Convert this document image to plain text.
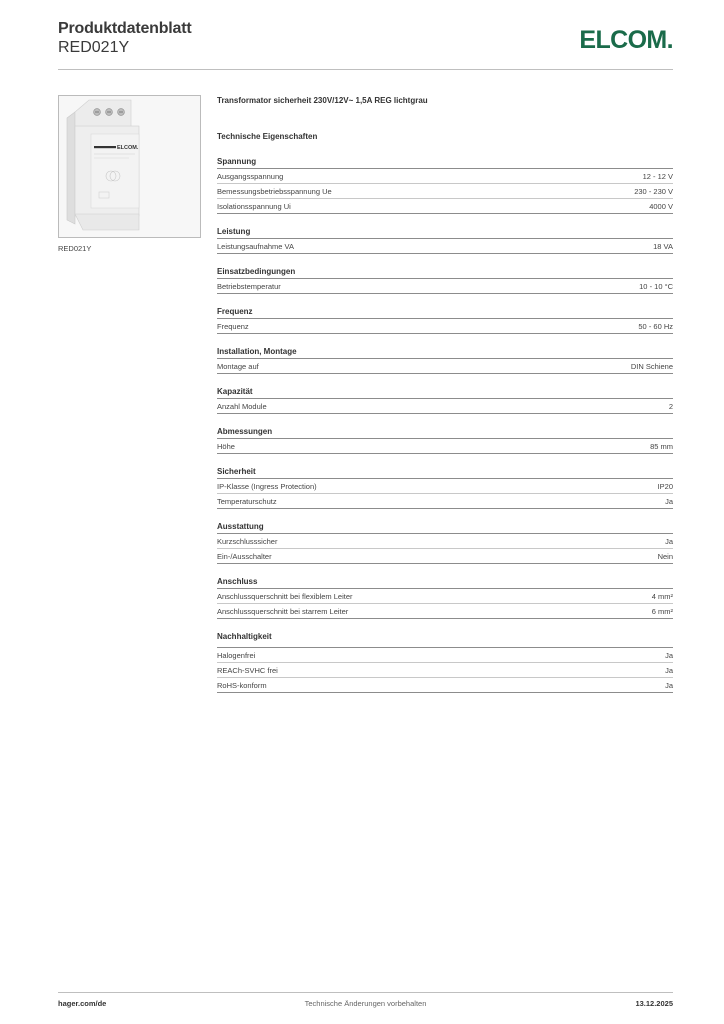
Produktdatenblatt
RED021Y	ELCOM.
ELCOM.
RED021Y
Transformator sicherheit 230V/12V~ 1,5A REG lichtgrau
Technische Eigenschaften
Spannung
Ausgangsspannung	12 - 12 V
Bemessungsbetriebsspannung Ue	230 - 230 V
Isolationsspannung Ui	4000 V
Leistung
Leistungsaufnahme VA	18 VA
Einsatzbedingungen
Betriebstemperatur	10 - 10 °C
Frequenz
Frequenz	50 - 60 Hz
Installation, Montage
Montage auf	DIN Schiene
Kapazität
Anzahl Module	2
Abmessungen
Höhe	85 mm
Sicherheit
IP-Klasse (Ingress Protection)	IP20
Temperaturschutz	Ja
Ausstattung
Kurzschlusssicher	Ja
Ein-/Ausschalter	Nein
Anschluss
Anschlussquerschnitt bei flexiblem Leiter	4 mm²
Anschlussquerschnitt bei starrem Leiter	6 mm²
Nachhaltigkeit
Halogenfrei	Ja
REACh-SVHC frei	Ja
RoHS-konform	Ja
hager.com/de	Technische Änderungen vorbehalten	13.12.2025
